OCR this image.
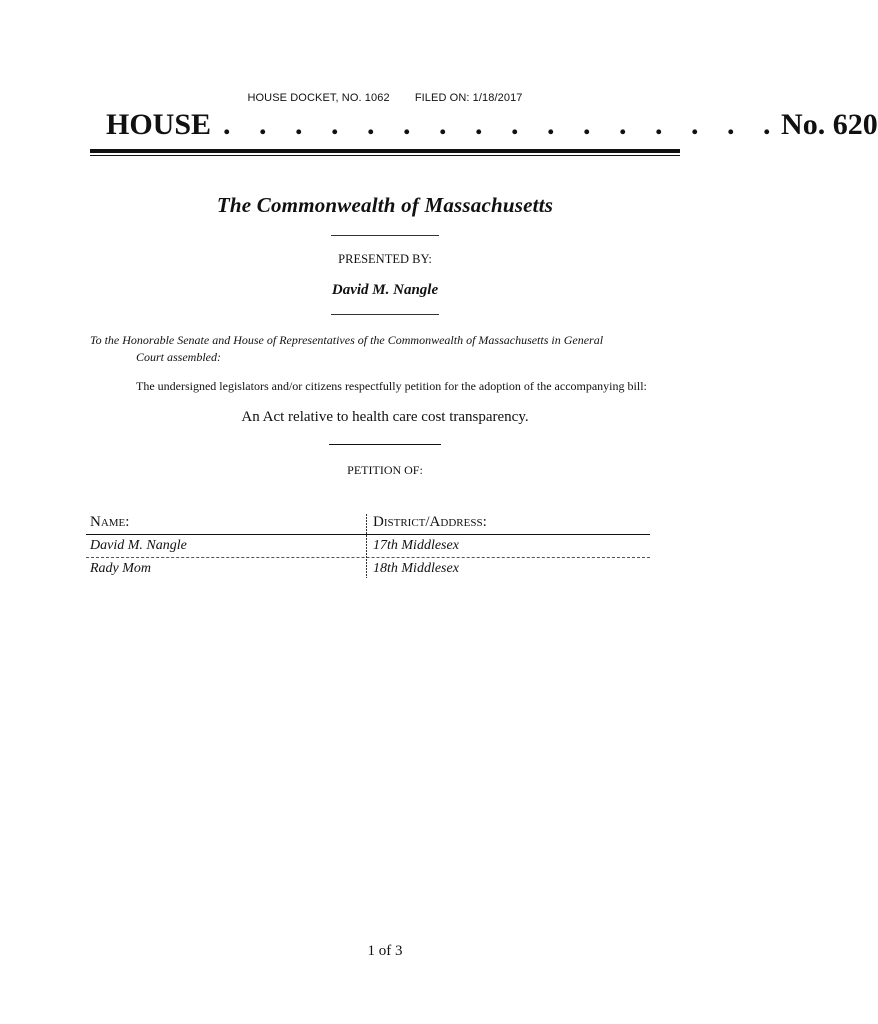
HOUSE DOCKET, NO. 1062 FILED ON: 1/18/2017
HOUSE . . . . . . . . . . . . . . . . No. 620
The Commonwealth of Massachusetts
PRESENTED BY:
David M. Nangle
To the Honorable Senate and House of Representatives of the Commonwealth of Massachusetts in General
Court assembled:
The undersigned legislators and/or citizens respectfully petition for the adoption of the accompanying bill:
An Act relative to health care cost transparency.
PETITION OF:
Name:	District/Address:
David M. Nangle	17th Middlesex
Rady Mom	18th Middlesex
1 of 3
